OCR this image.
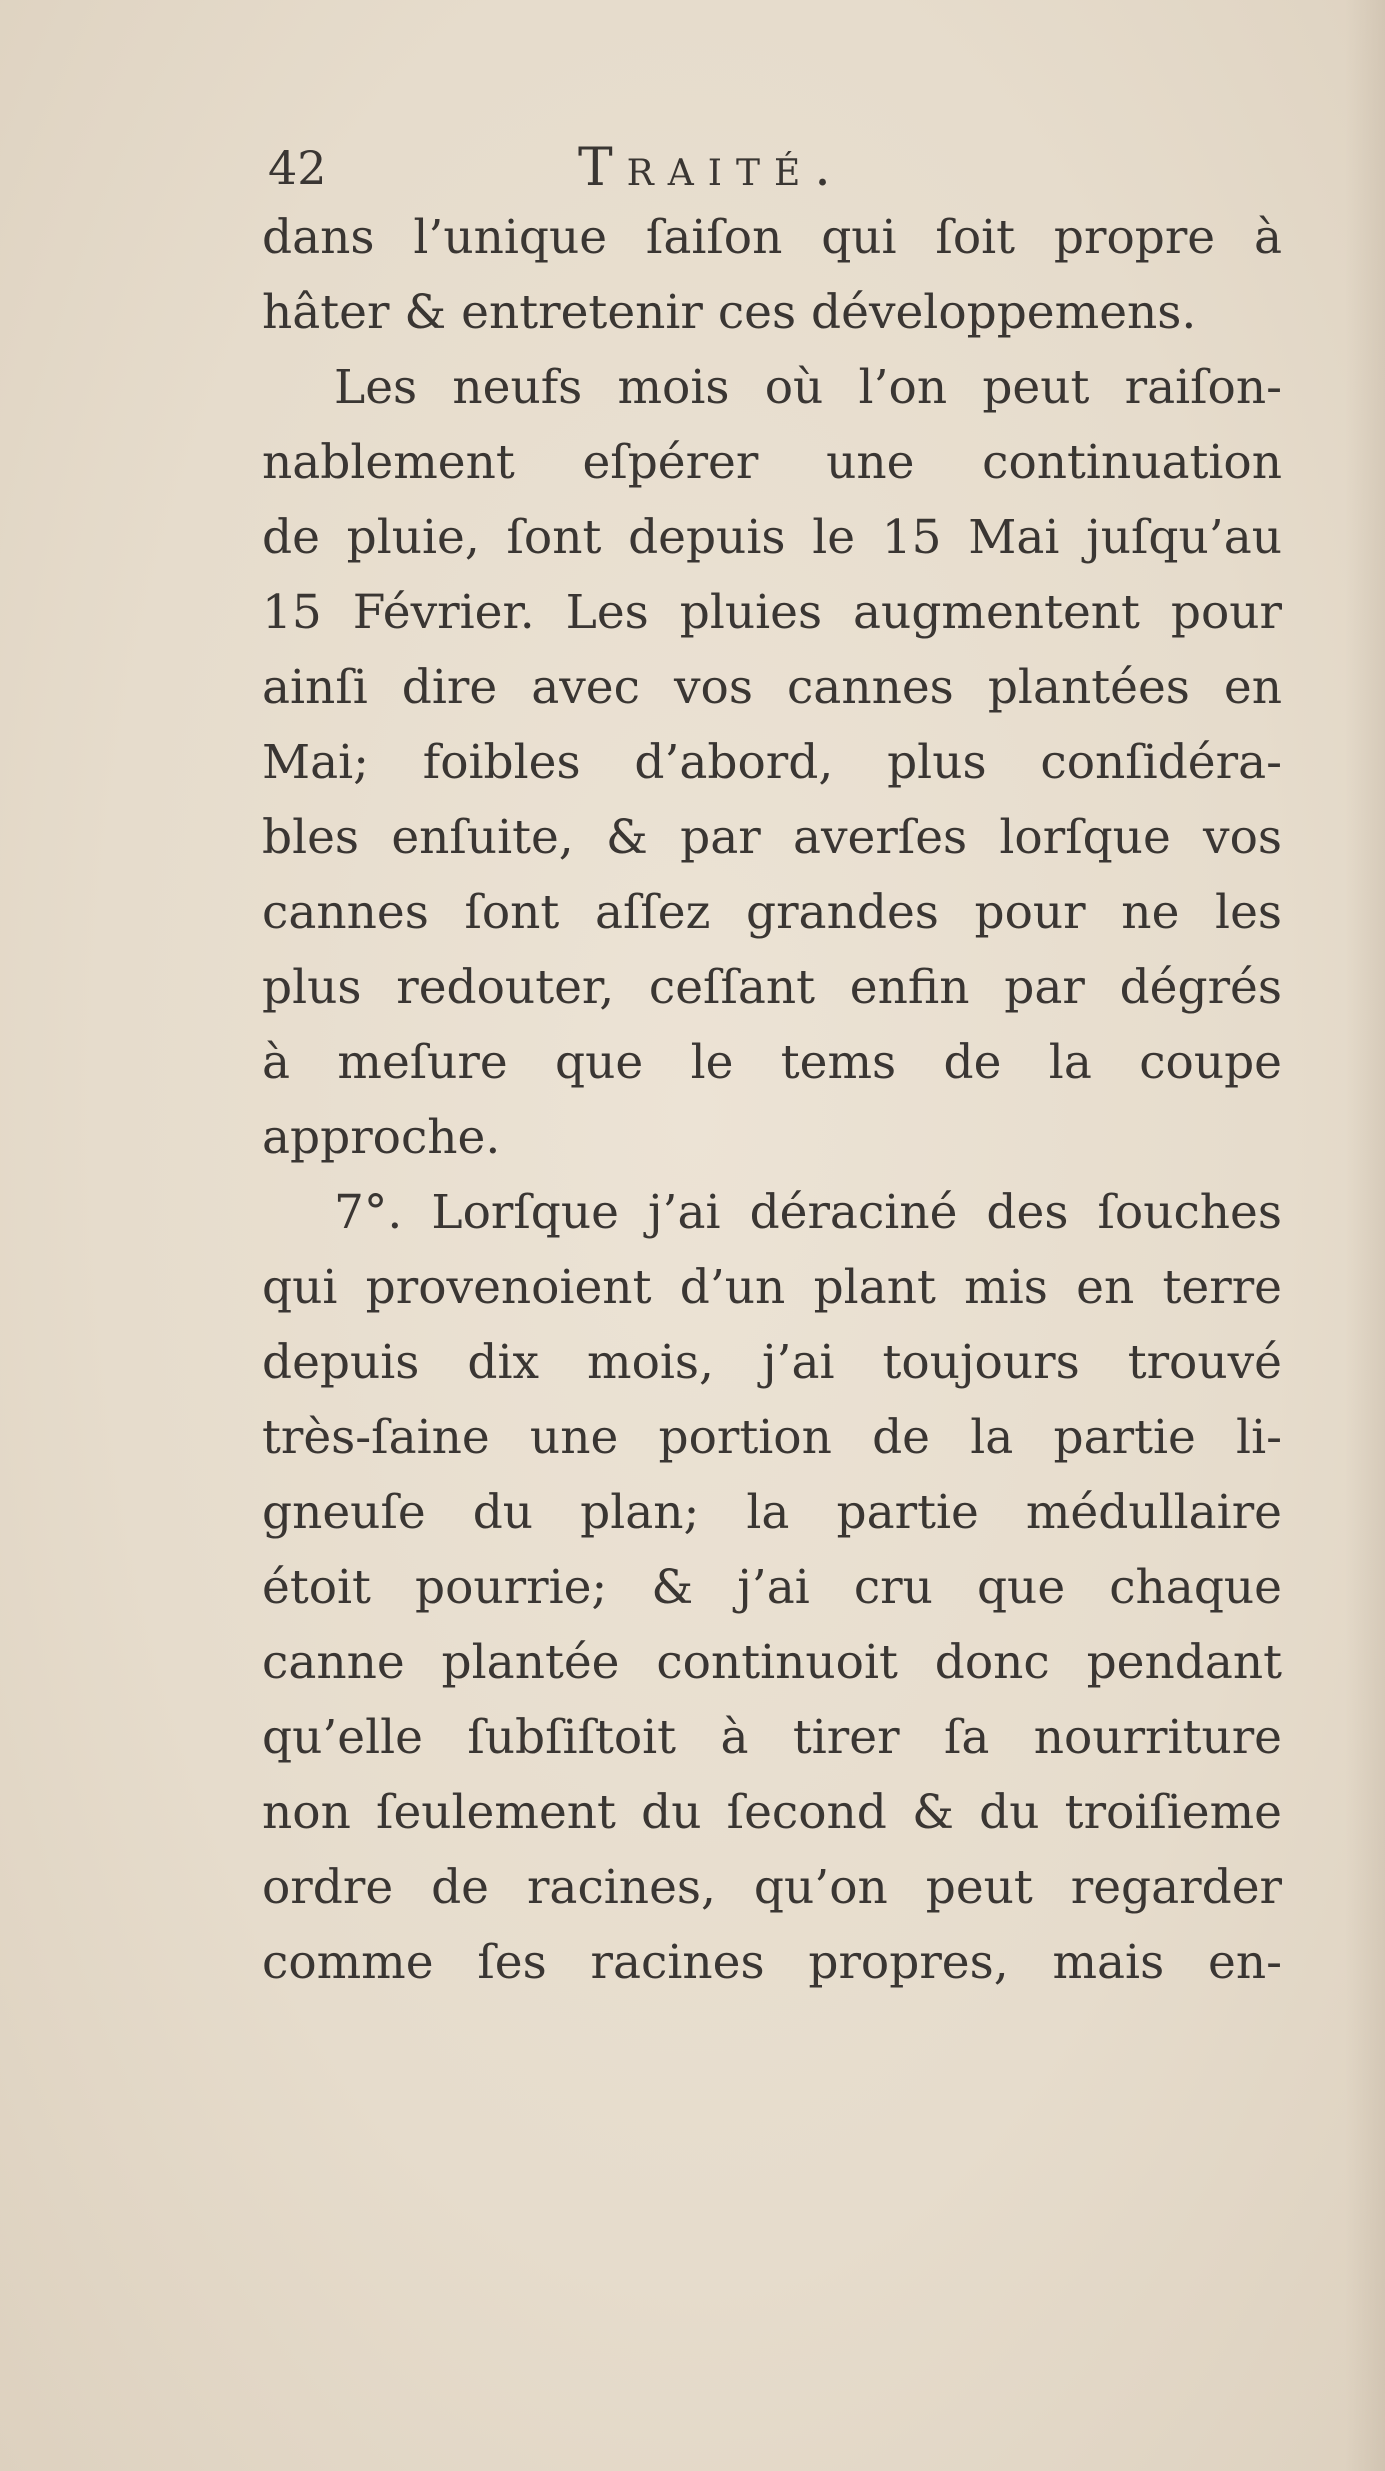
42	Traité.
dans l’unique ſaiſon qui ſoit propre à
hâter & entretenir ces développemens.
Les neufs mois où l’on peut raiſon-
nablement eſpérer une continuation
de pluie, ſont depuis le 15 Mai juſqu’au
15 Février. Les pluies augmentent pour
ainſi dire avec vos cannes plantées en
Mai; foibles d’abord, plus conſidéra-
bles enſuite, & par averſes lorſque vos
cannes ſont aſſez grandes pour ne les
plus redouter, ceſſant enfin par dégrés
à meſure que le tems de la coupe
approche.
7°. Lorſque j’ai déraciné des ſouches
qui provenoient d’un plant mis en terre
depuis dix mois, j’ai toujours trouvé
très-ſaine une portion de la partie li-
gneuſe du plan; la partie médullaire
étoit pourrie; & j’ai cru que chaque
canne plantée continuoit donc pendant
qu’elle ſubſiſtoit à tirer ſa nourriture
non ſeulement du ſecond & du troiſieme
ordre de racines, qu’on peut regarder
comme ſes racines propres, mais en-
